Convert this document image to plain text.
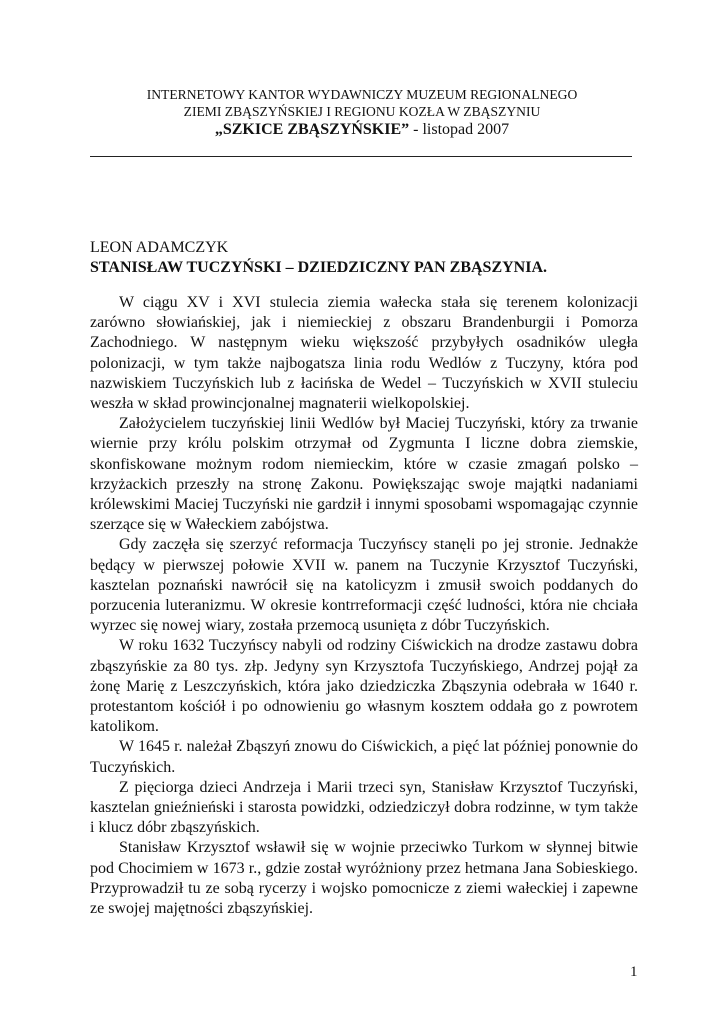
INTERNETOWY KANTOR WYDAWNICZY MUZEUM REGIONALNEGO
ZIEMI ZBĄSZYŃSKIEJ I REGIONU KOZŁA W ZBĄSZYNIU
„SZKICE ZBĄSZYŃSKIE” - listopad 2007
LEON ADAMCZYK
STANISŁAW TUCZYŃSKI – DZIEDZICZNY PAN ZBĄSZYNIA.

W ciągu XV i XVI stulecia ziemia wałecka stała się terenem kolonizacji zarówno słowiańskiej, jak i niemieckiej z obszaru Brandenburgii i Pomorza Zachodniego. W następnym wieku większość przybyłych osadników uległa polonizacji, w tym także najbogatsza linia rodu Wedlów z Tuczyny, która pod nazwiskiem Tuczyńskich lub z łacińska de Wedel – Tuczyńskich w XVII stuleciu weszła w skład prowincjonalnej magnaterii wielkopolskiej.

Założycielem tuczyńskiej linii Wedlów był Maciej Tuczyński, który za trwanie wiernie przy królu polskim otrzymał od Zygmunta I liczne dobra ziemskie, skonfiskowane możnym rodom niemieckim, które w czasie zmagań polsko – krzyżackich przeszły na stronę Zakonu. Powiększając swoje majątki nadaniami królewskimi Maciej Tuczyński nie gardził i innymi sposobami wspomagając czynnie szerzące się w Wałeckiem zabójstwa.

Gdy zaczęła się szerzyć reformacja Tuczyńscy stanęli po jej stronie. Jednakże będący w pierwszej połowie XVII w. panem na Tuczynie Krzysztof Tuczyński, kasztelan poznański nawrócił się na katolicyzm i zmusił swoich poddanych do porzucenia luteranizmu. W okresie kontrreformacji część ludności, która nie chciała wyrzec się nowej wiary, została przemocą usunięta z dóbr Tuczyńskich.

W roku 1632 Tuczyńscy nabyli od rodziny Ciświckich na drodze zastawu dobra zbąszyńskie za 80 tys. złp. Jedyny syn Krzysztofa Tuczyńskiego, Andrzej pojął za żonę Marię z Leszczyńskich, która jako dziedziczka Zbąszynia odebrała w 1640 r. protestantom kościół i po odnowieniu go własnym kosztem oddała go z powrotem katolikom.

W 1645 r. należał Zbąszyń znowu do Ciświckich, a pięć lat później ponownie do Tuczyńskich.

Z pięciorga dzieci Andrzeja i Marii trzeci syn, Stanisław Krzysztof Tuczyński, kasztelan gnieźnieński i starosta powidzki, odziedziczył dobra rodzinne, w tym także i klucz dóbr zbąszyńskich.

Stanisław Krzysztof wsławił się w wojnie przeciwko Turkom w słynnej bitwie pod Chocimiem w 1673 r., gdzie został wyróżniony przez hetmana Jana Sobieskiego. Przyprowadził tu ze sobą rycerzy i wojsko pomocnicze z ziemi wałeckiej i zapewne ze swojej majętności zbąszyńskiej.

1
